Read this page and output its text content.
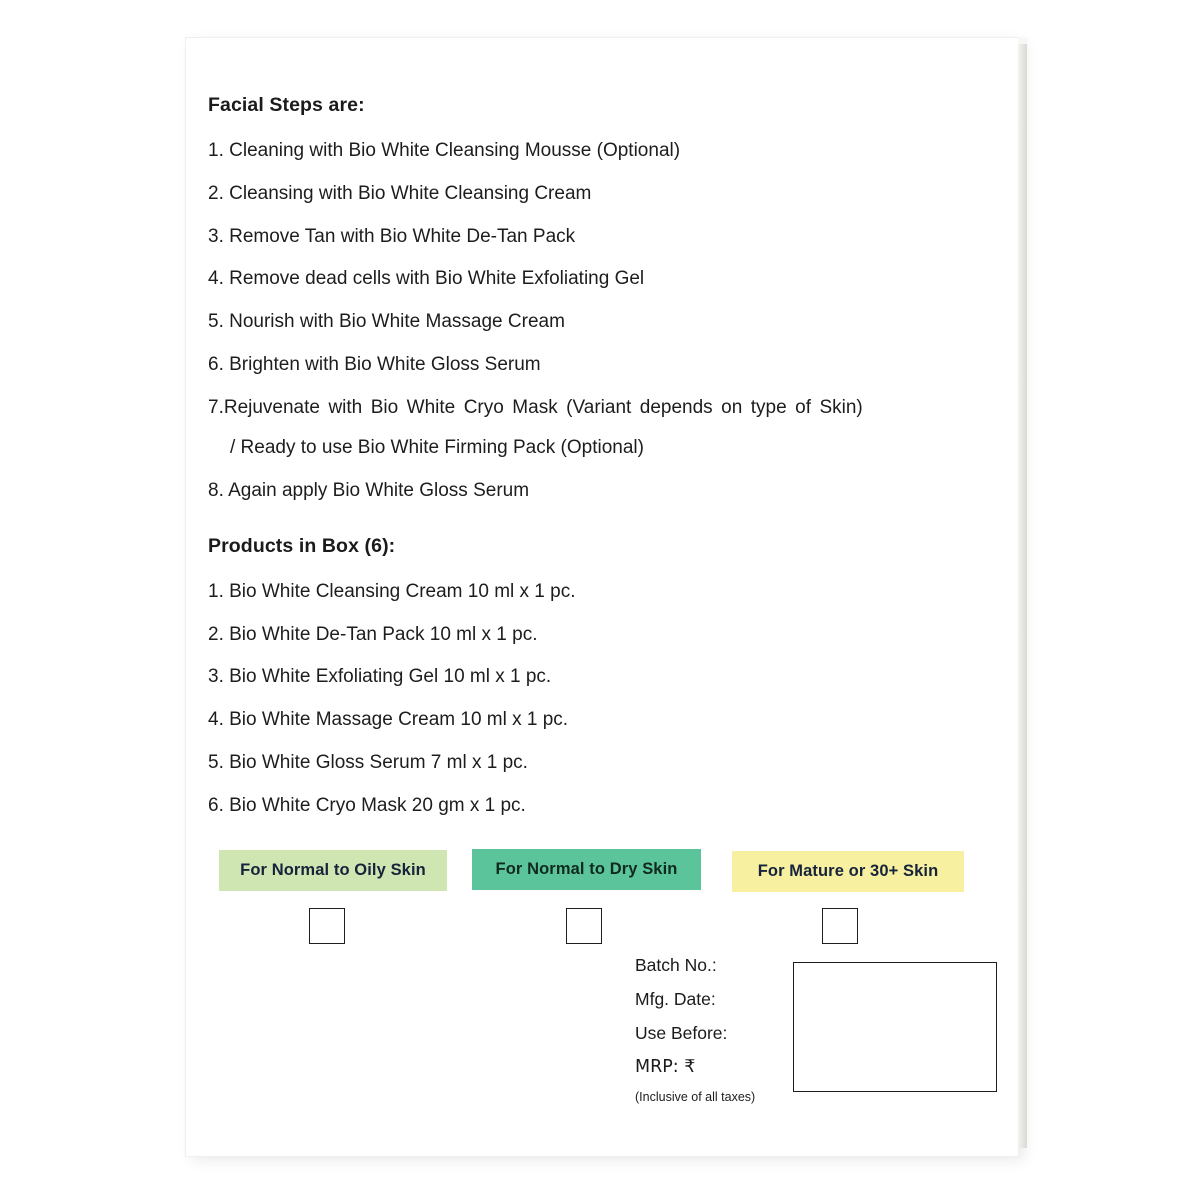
Facial Steps are:
1. Cleaning with Bio White Cleansing Mousse (Optional)
2. Cleansing with Bio White Cleansing Cream
3. Remove Tan with Bio White De-Tan Pack
4. Remove dead cells with Bio White Exfoliating Gel
5. Nourish with Bio White Massage Cream
6. Brighten with Bio White Gloss Serum
7.Rejuvenate with Bio White Cryo Mask (Variant depends on type of Skin)
/ Ready to use Bio White Firming Pack (Optional)
8. Again apply Bio White Gloss Serum
Products in Box (6):
1. Bio White Cleansing Cream 10 ml x 1 pc.
2. Bio White De-Tan Pack 10 ml x 1 pc.
3. Bio White Exfoliating Gel 10 ml x 1 pc.
4. Bio White Massage Cream 10 ml x 1 pc.
5. Bio White Gloss Serum 7 ml x 1 pc.
6. Bio White Cryo Mask 20 gm x 1 pc.
For Normal to Oily Skin	For Normal to Dry Skin	For Mature or 30+ Skin
Batch No.:
Mfg. Date:
Use Before:
MRP: ₹
(Inclusive of all taxes)
